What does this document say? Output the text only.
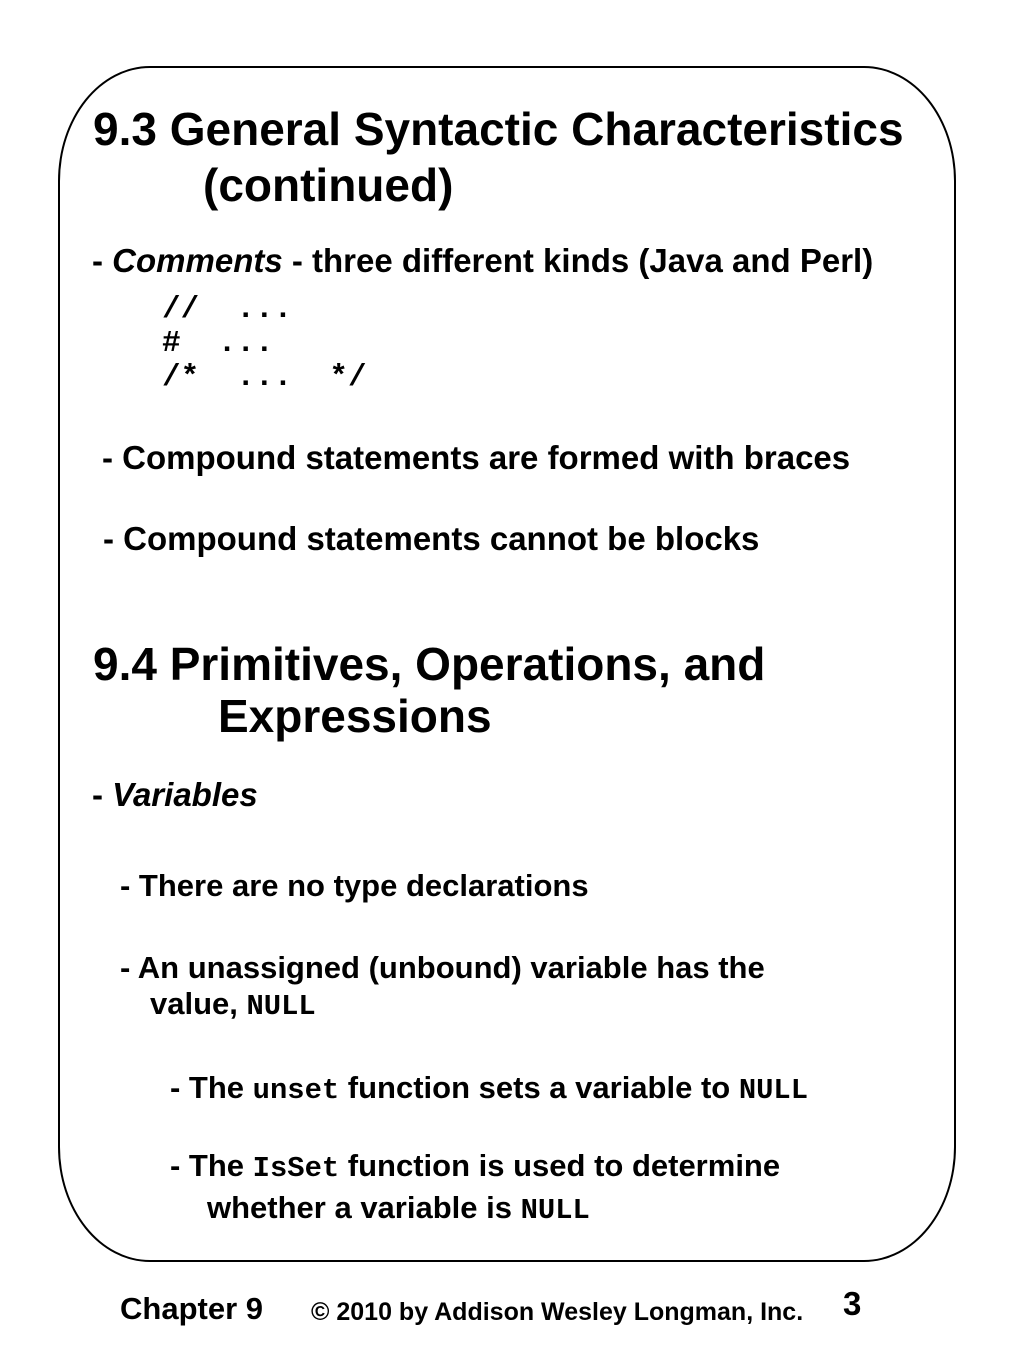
9.3 General Syntactic Characteristics
(continued)
- Comments - three different kinds (Java and Perl)
//  ...
#  ...
/*  ...  */
- Compound statements are formed with braces
- Compound statements cannot be blocks
9.4 Primitives, Operations, and
Expressions
- Variables
- There are no type declarations
- An unassigned (unbound) variable has the
value, NULL
- The unset function sets a variable to NULL
- The IsSet function is used to determine
whether a variable is NULL
Chapter 9 © 2010 by Addison Wesley Longman, Inc. 3
